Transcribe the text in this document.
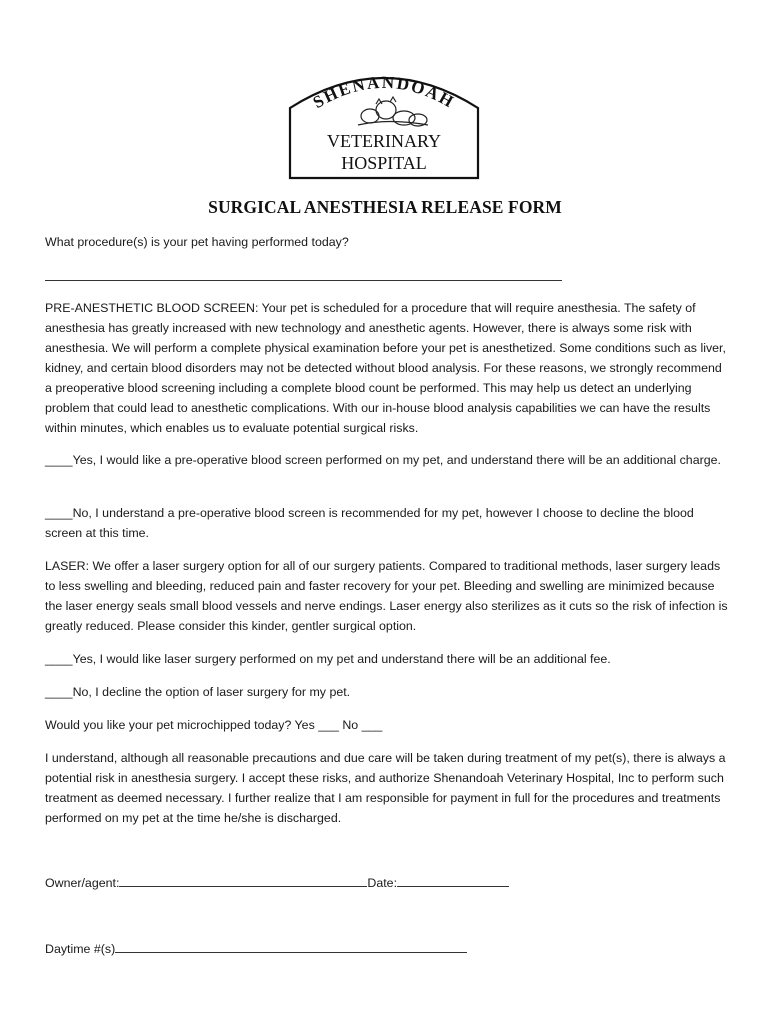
SHENANDOAH
VETERINARY
HOSPITAL
SURGICAL ANESTHESIA RELEASE FORM
What procedure(s) is your pet having performed today?
PRE-ANESTHETIC BLOOD SCREEN: Your pet is scheduled for a procedure that will require anesthesia. The safety of anesthesia has greatly increased with new technology and anesthetic agents. However, there is always some risk with anesthesia. We will perform a complete physical examination before your pet is anesthetized. Some conditions such as liver, kidney, and certain blood disorders may not be detected without blood analysis. For these reasons, we strongly recommend a preoperative blood screening including a complete blood count be performed. This may help us detect an underlying problem that could lead to anesthetic complications. With our in-house blood analysis capabilities we can have the results within minutes, which enables us to evaluate potential surgical risks.
____Yes, I would like a pre-operative blood screen performed on my pet, and understand there will be an additional charge.
____No, I understand a pre-operative blood screen is recommended for my pet, however I choose to decline the blood screen at this time.
LASER: We offer a laser surgery option for all of our surgery patients. Compared to traditional methods, laser surgery leads to less swelling and bleeding, reduced pain and faster recovery for your pet. Bleeding and swelling are minimized because the laser energy seals small blood vessels and nerve endings. Laser energy also sterilizes as it cuts so the risk of infection is greatly reduced. Please consider this kinder, gentler surgical option.
____Yes, I would like laser surgery performed on my pet and understand there will be an additional fee.
____No, I decline the option of laser surgery for my pet.
Would you like your pet microchipped today? Yes ___ No ___
I understand, although all reasonable precautions and due care will be taken during treatment of my pet(s), there is always a potential risk in anesthesia surgery. I accept these risks, and authorize Shenandoah Veterinary Hospital, Inc to perform such treatment as deemed necessary. I further realize that I am responsible for payment in full for the procedures and treatments performed on my pet at the time he/she is discharged.
Owner/agent:	Date:
Daytime #(s)
